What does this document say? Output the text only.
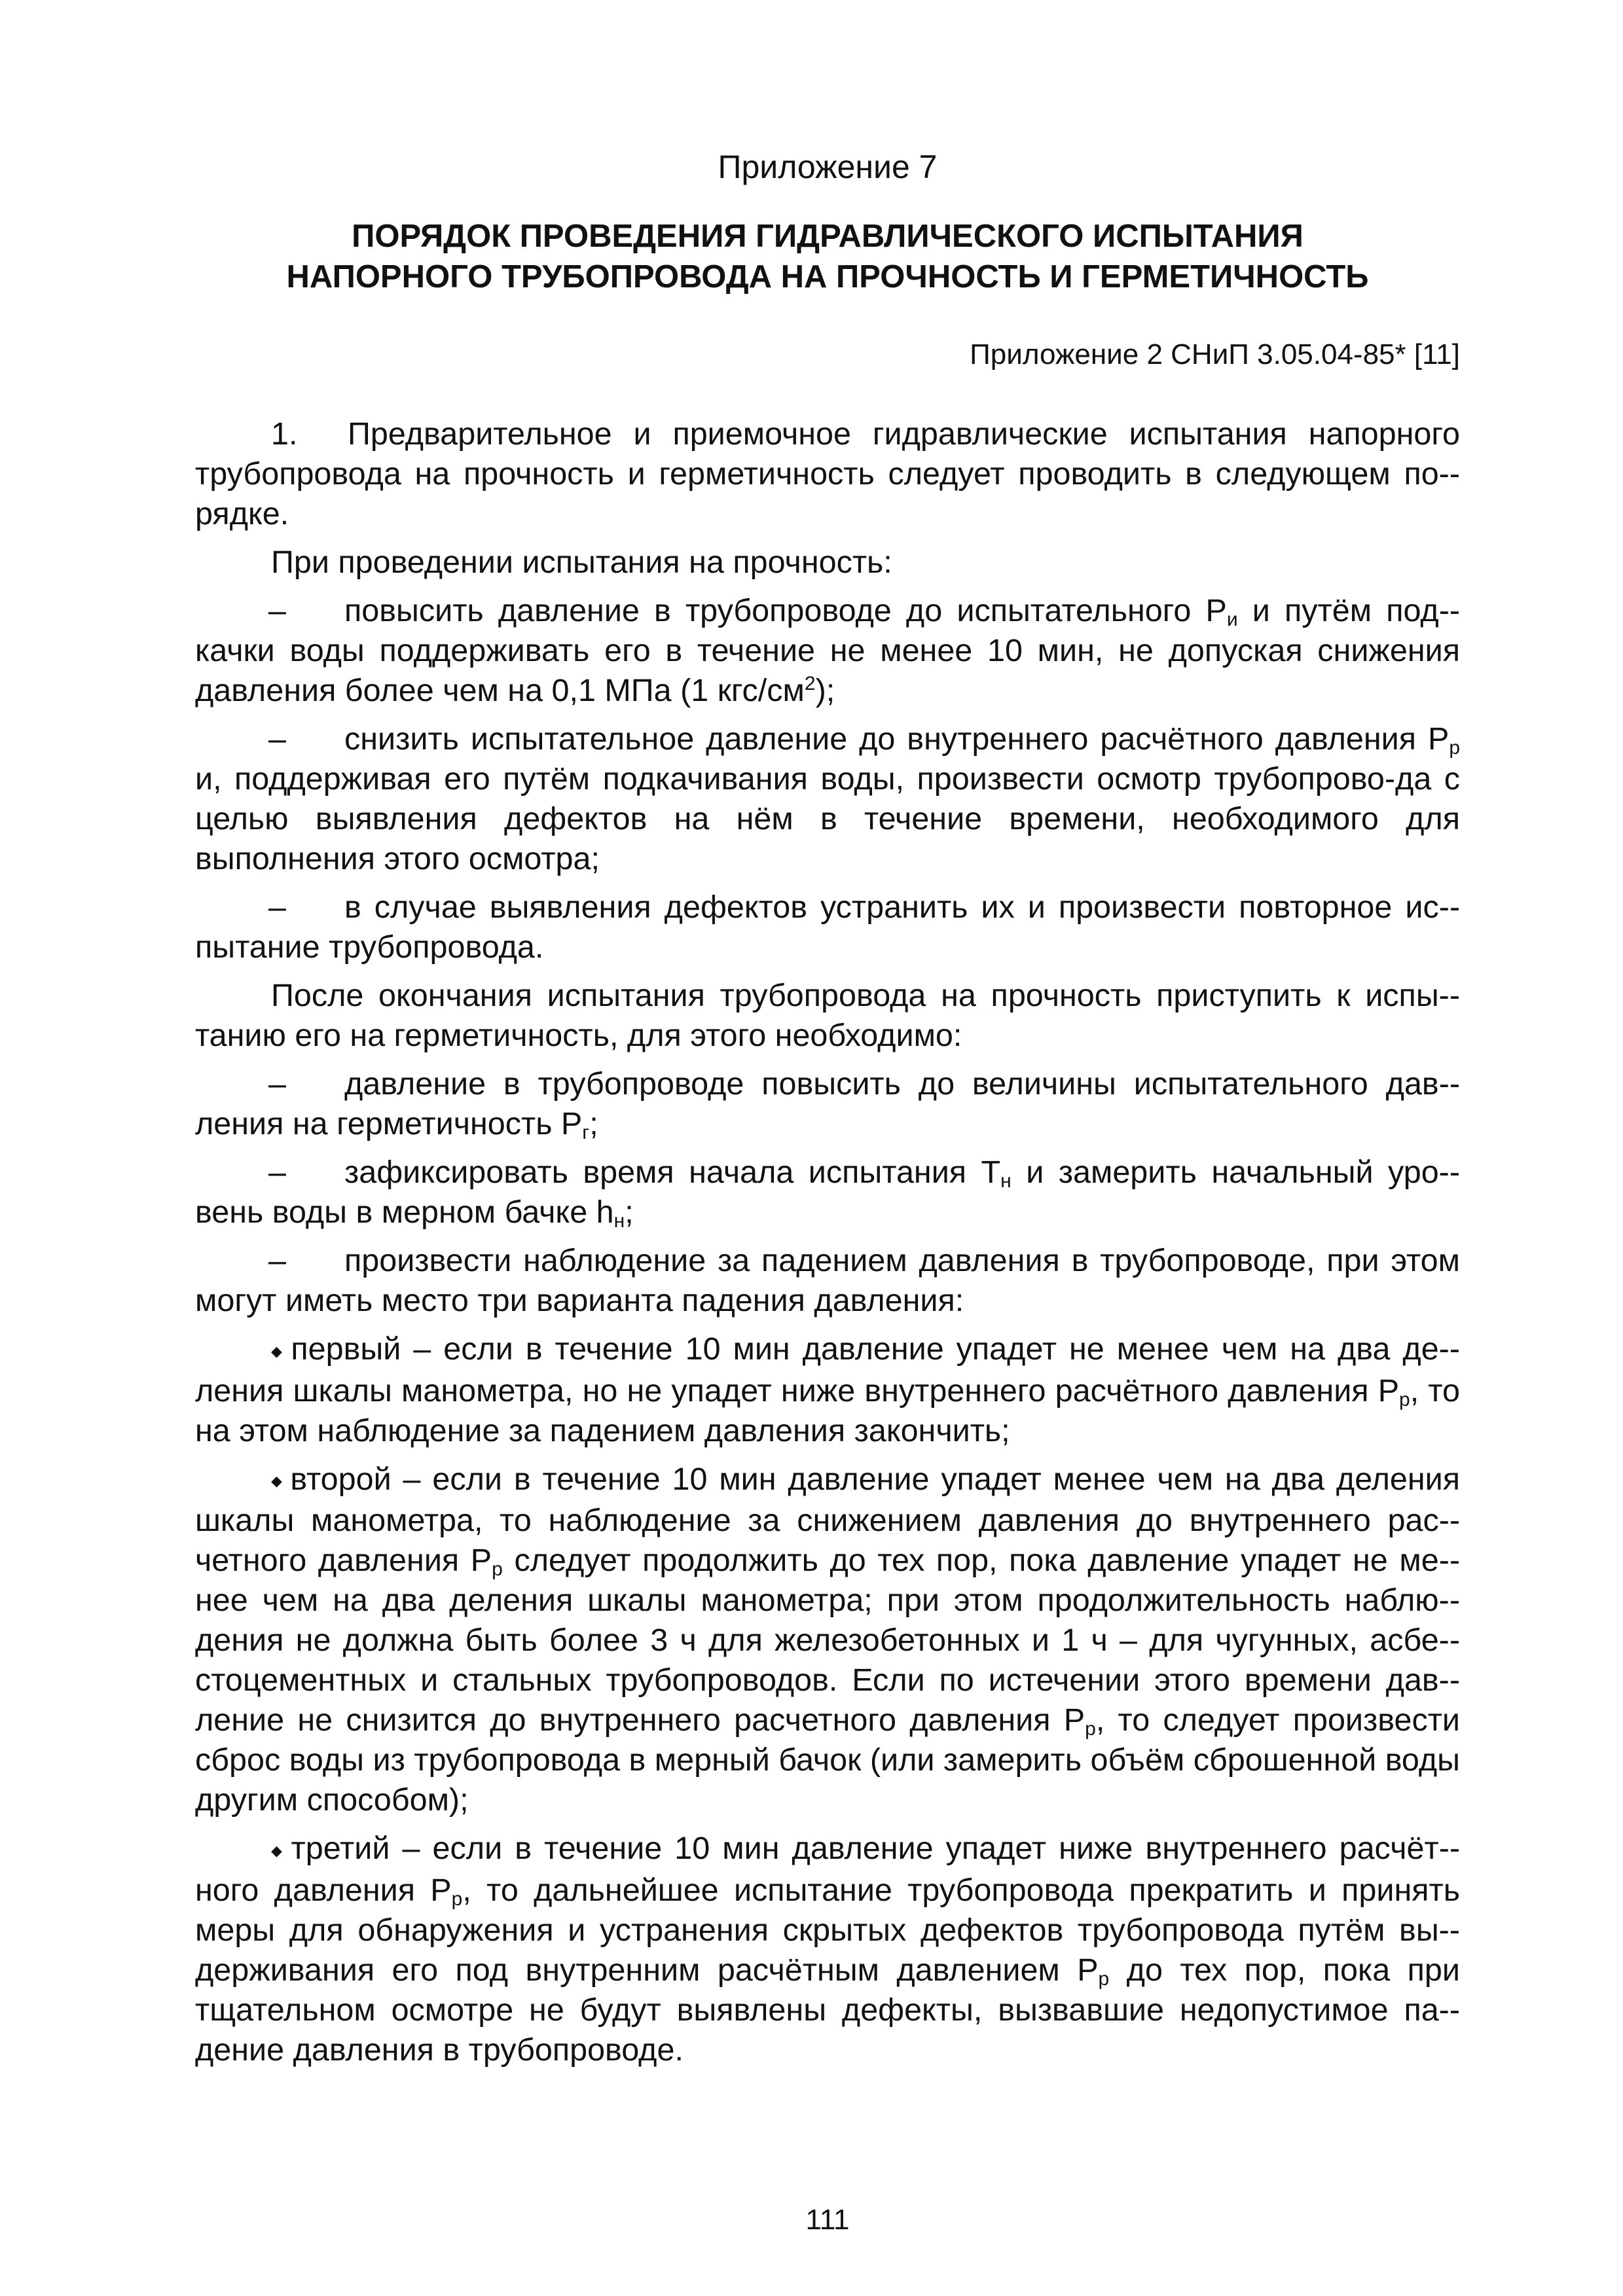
Приложение 7
ПОРЯДОК ПРОВЕДЕНИЯ ГИДРАВЛИЧЕСКОГО ИСПЫТАНИЯ
НАПОРНОГО ТРУБОПРОВОДА НА ПРОЧНОСТЬ И ГЕРМЕТИЧНОСТЬ
Приложение 2 СНиП 3.05.04-85* [11]

1. Предварительное и приемочное гидравлические испытания напорного трубопровода на прочность и герметичность следует проводить в следующем по-рядке.

При проведении испытания на прочность:

– повысить давление в трубопроводе до испытательного $Р_и$ и путём под-качки воды поддерживать его в течение не менее 10 мин, не допуская снижения давления более чем на 0,1 МПа (1 кгс/$см^2$);

– снизить испытательное давление до внутреннего расчётного давления $Р_р$ и, поддерживая его путём подкачивания воды, произвести осмотр трубопрово-да с целью выявления дефектов на нём в течение времени, необходимого для выполнения этого осмотра;

– в случае выявления дефектов устранить их и произвести повторное ис-пытание трубопровода.

После окончания испытания трубопровода на прочность приступить к испы-танию его на герметичность, для этого необходимо:

– давление в трубопроводе повысить до величины испытательного дав-ления на герметичность $Р_г$;

– зафиксировать время начала испытания $Т_н$ и замерить начальный уро-вень воды в мерном бачке $h_н$;

– произвести наблюдение за падением давления в трубопроводе, при этом могут иметь место три варианта падения давления:

◆ первый – если в течение 10 мин давление упадет не менее чем на два де-ления шкалы манометра, но не упадет ниже внутреннего расчётного давления $Р_р$, то на этом наблюдение за падением давления закончить;

◆ второй – если в течение 10 мин давление упадет менее чем на два деления шкалы манометра, то наблюдение за снижением давления до внутреннего рас-четного давления $Р_р$ следует продолжить до тех пор, пока давление упадет не ме-нее чем на два деления шкалы манометра; при этом продолжительность наблю-дения не должна быть более 3 ч для железобетонных и 1 ч – для чугунных, асбе-стоцементных и стальных трубопроводов. Если по истечении этого времени дав-ление не снизится до внутреннего расчетного давления $Р_р$, то следует произвести сброс воды из трубопровода в мерный бачок (или замерить объём сброшенной воды другим способом);

◆ третий – если в течение 10 мин давление упадет ниже внутреннего расчёт-ного давления $Р_р$, то дальнейшее испытание трубопровода прекратить и принять меры для обнаружения и устранения скрытых дефектов трубопровода путём вы-держивания его под внутренним расчётным давлением $Р_р$ до тех пор, пока при тщательном осмотре не будут выявлены дефекты, вызвавшие недопустимое па-дение давления в трубопроводе.

111
